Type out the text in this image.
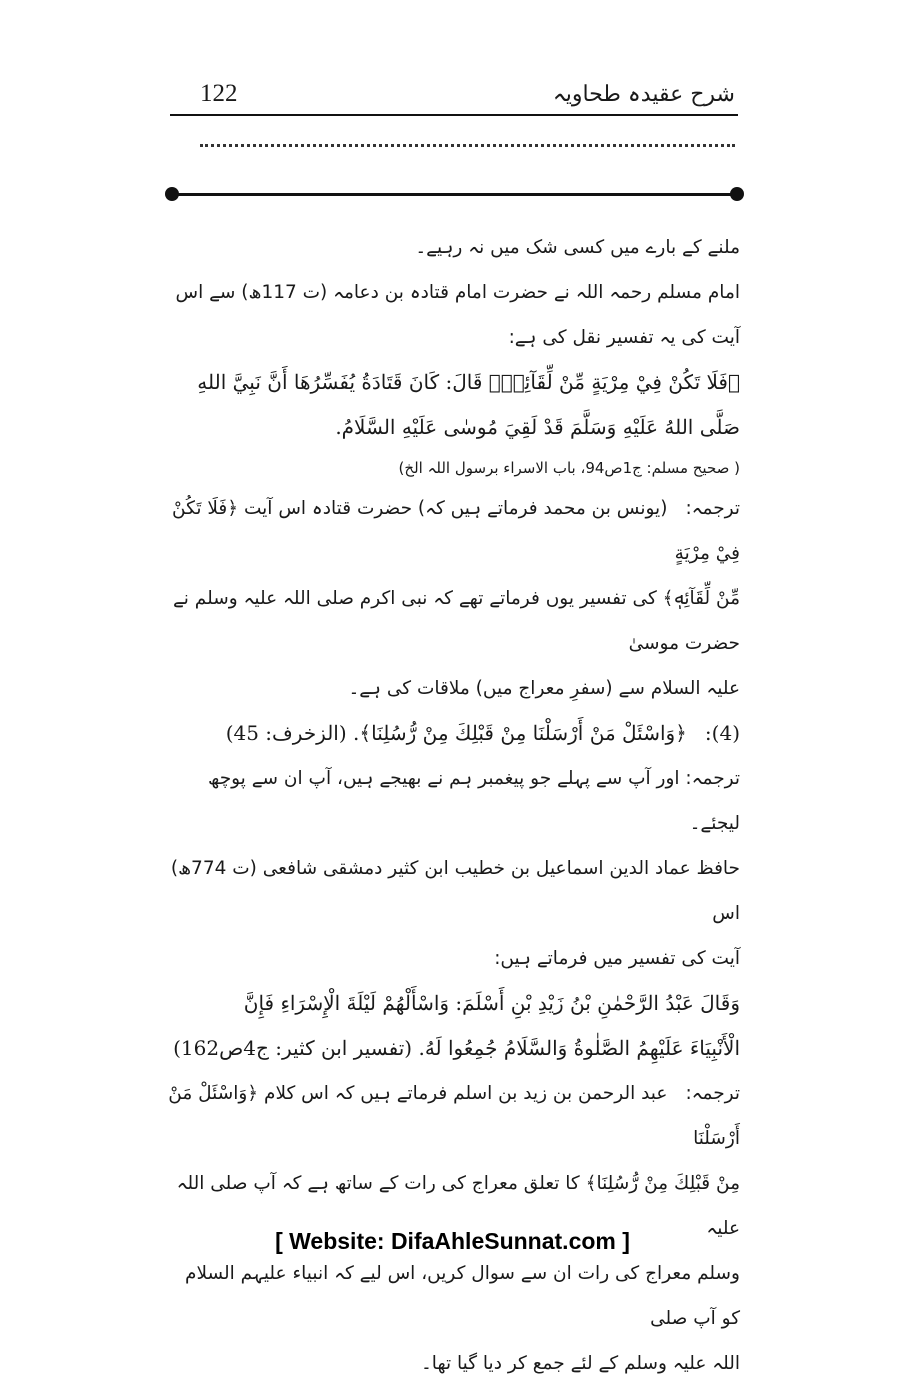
122	شرح عقیدہ طحاویہ
ملنے کے بارے میں کسی شک میں نہ رہیے۔
امام مسلم رحمہ اللہ نے حضرت امام قتادہ بن دعامہ (ت 117ھ) سے اس
آیت کی یہ تفسیر نقل کی ہے:
﴿فَلَا تَكُنْ فِيْ مِرْيَةٍ مِّنْ لِّقَآئِهٖ﴾ قَالَ: كَانَ قَتَادَةُ يُفَسِّرُهَا أَنَّ نَبِيَّ اللهِ
صَلَّى اللهُ عَلَيْهِ وَسَلَّمَ قَدْ لَقِيَ مُوسٰى عَلَيْهِ السَّلَامُ.
( صحیح مسلم: ج1ص94، باب الاسراء برسول اللہ الخ)
ترجمہ:(یونس بن محمد فرماتے ہیں کہ) حضرت قتادہ اس آیت ﴿فَلَا تَكُنْ فِيْ مِرْيَةٍ
مِّنْ لِّقَآئِهٖ﴾ کی تفسیر یوں فرماتے تھے کہ نبی اکرم صلی اللہ علیہ وسلم نے حضرت موسیٰ
علیہ السلام سے (سفرِ معراج میں) ملاقات کی ہے۔
(4):﴿وَاسْئَلْ مَنْ أَرْسَلْنَا مِنْ قَبْلِكَ مِنْ رُّسُلِنَا﴾. (الزخرف: 45)
ترجمہ: اور آپ سے پہلے جو پیغمبر ہم نے بھیجے ہیں، آپ ان سے پوچھ لیجئے۔
حافظ عماد الدین اسماعیل بن خطیب ابن کثیر دمشقی شافعی (ت 774ھ) اس
آیت کی تفسیر میں فرماتے ہیں:
وَقَالَ عَبْدُ الرَّحْمٰنِ بْنُ زَيْدِ بْنِ أَسْلَمَ: وَاسْأَلْهُمْ لَيْلَةَ الْإِسْرَاءِ فَإِنَّ
الْأَنْبِيَاءَ عَلَيْهِمُ الصَّلٰوةُ وَالسَّلَامُ جُمِعُوا لَهُ. (تفسیر ابن کثیر: ج4ص162)
ترجمہ:عبد الرحمن بن زید بن اسلم فرماتے ہیں کہ اس کلام ﴿وَاسْئَلْ مَنْ أَرْسَلْنَا
مِنْ قَبْلِكَ مِنْ رُّسُلِنَا﴾ کا تعلق معراج کی رات کے ساتھ ہے کہ آپ صلی اللہ علیہ
وسلم معراج کی رات ان سے سوال کریں، اس لیے کہ انبیاء علیہم السلام کو آپ صلی
اللہ علیہ وسلم کے لئے جمع کر دیا گیا تھا۔
[ Website: DifaAhleSunnat.com ]
